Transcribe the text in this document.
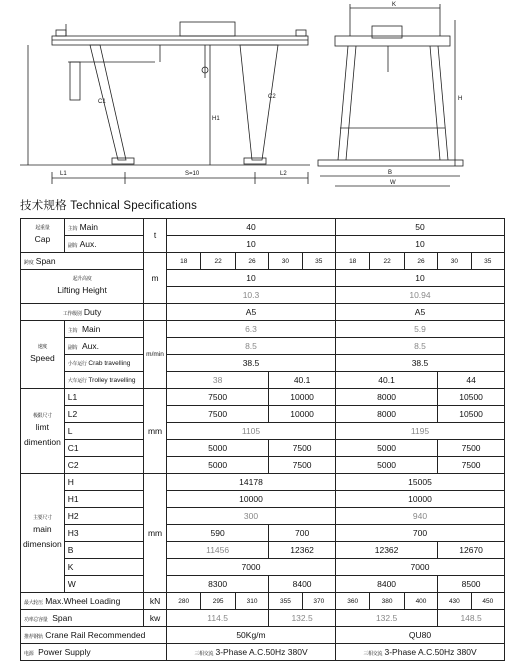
L1	S=10	L2
C1
C2
H1
B
W
H
K
技术规格 Technical Specifications
起重量
Cap	主钩 Main	t	40					50				
	副钩 Aux.		10					10				
跨度 Span		m	18	22	26	30	35	18	22	26	30	35

起升高度
Lifting Height			10					10				
			10.3					10.94				
工作级别 Duty			A5					A5				

速度
Speed	主钩 Main	m/min	6.3					5.9				
	副钩 Aux.		8.5					8.5				
	小车运行 Crab travelling		38.5					38.5				
	大车运行 Trolley travelling		38			40.1		40.1			44	

极限尺寸
limt
dimention	L1	mm	7500			10000		8000			10500	
	L2		7500			10000		8000			10500	
	L		1105					1195				
	C1		5000			7500		5000			7500	
	C2		5000			7500		5000			7500	

主要尺寸
main
dimension	H	mm	14178					15005				
	H1		10000					10000				
	H2		300					940				
	H3		590			700		700				
	B		11456			12362		12362			12670	
	K		7000					7000				
	W		8300			8400		8400			8500	
最大轮压 Max.Wheel Loading		kN	280	295	310	355	370	360	380	400	430	450
功率总容量 Span		kw	114.5			132.5		132.5			148.5	
推荐钢轨 Crane Rail Recommended			50Kg/m					QU80				
电源 Power Supply			三相交流 3-Phase A.C.50Hz 380V					三相交流 3-Phase A.C.50Hz 380V				
